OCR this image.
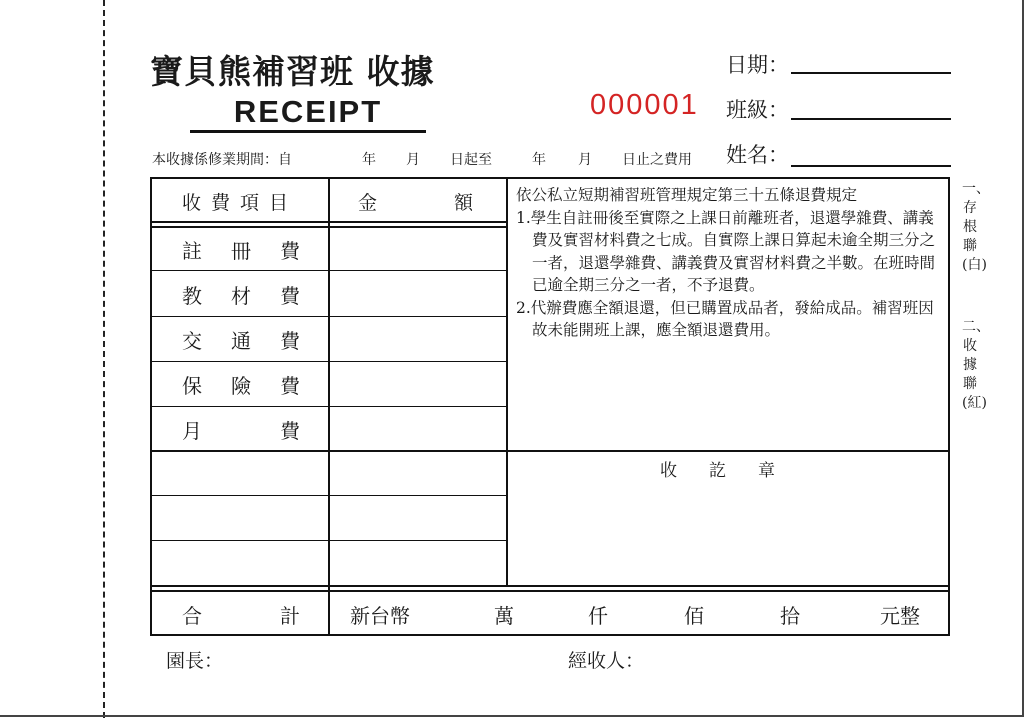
寶貝熊補習班 收據
RECEIPT	000001
日期：
班級：
姓名：
本收據係修業期間：自	年 月 日起至	年 月 日止之費用
收費項目	金	額
註 冊 費
教 材 費
交 通 費
保 險 費
月	費

依公私立短期補習班管理規定第三十五條退費規定

1.學生自註冊後至實際之上課日前離班者，退還學雜費、講義費及實習材料費之七成。自實際上課日算起未逾全期三分之一者，退還學雜費、講義費及實習材料費之半數。在班時間已逾全期三分之一者，不予退費。

2.代辦費應全額退還，但已購置成品者，發給成品。補習班因故未能開班上課，應全額退還費用。

收訖章
合	計	新台幣	萬	仟	佰	拾	元整
園長：	經收人：
一、存根聯(白)
二、收據聯(紅)
